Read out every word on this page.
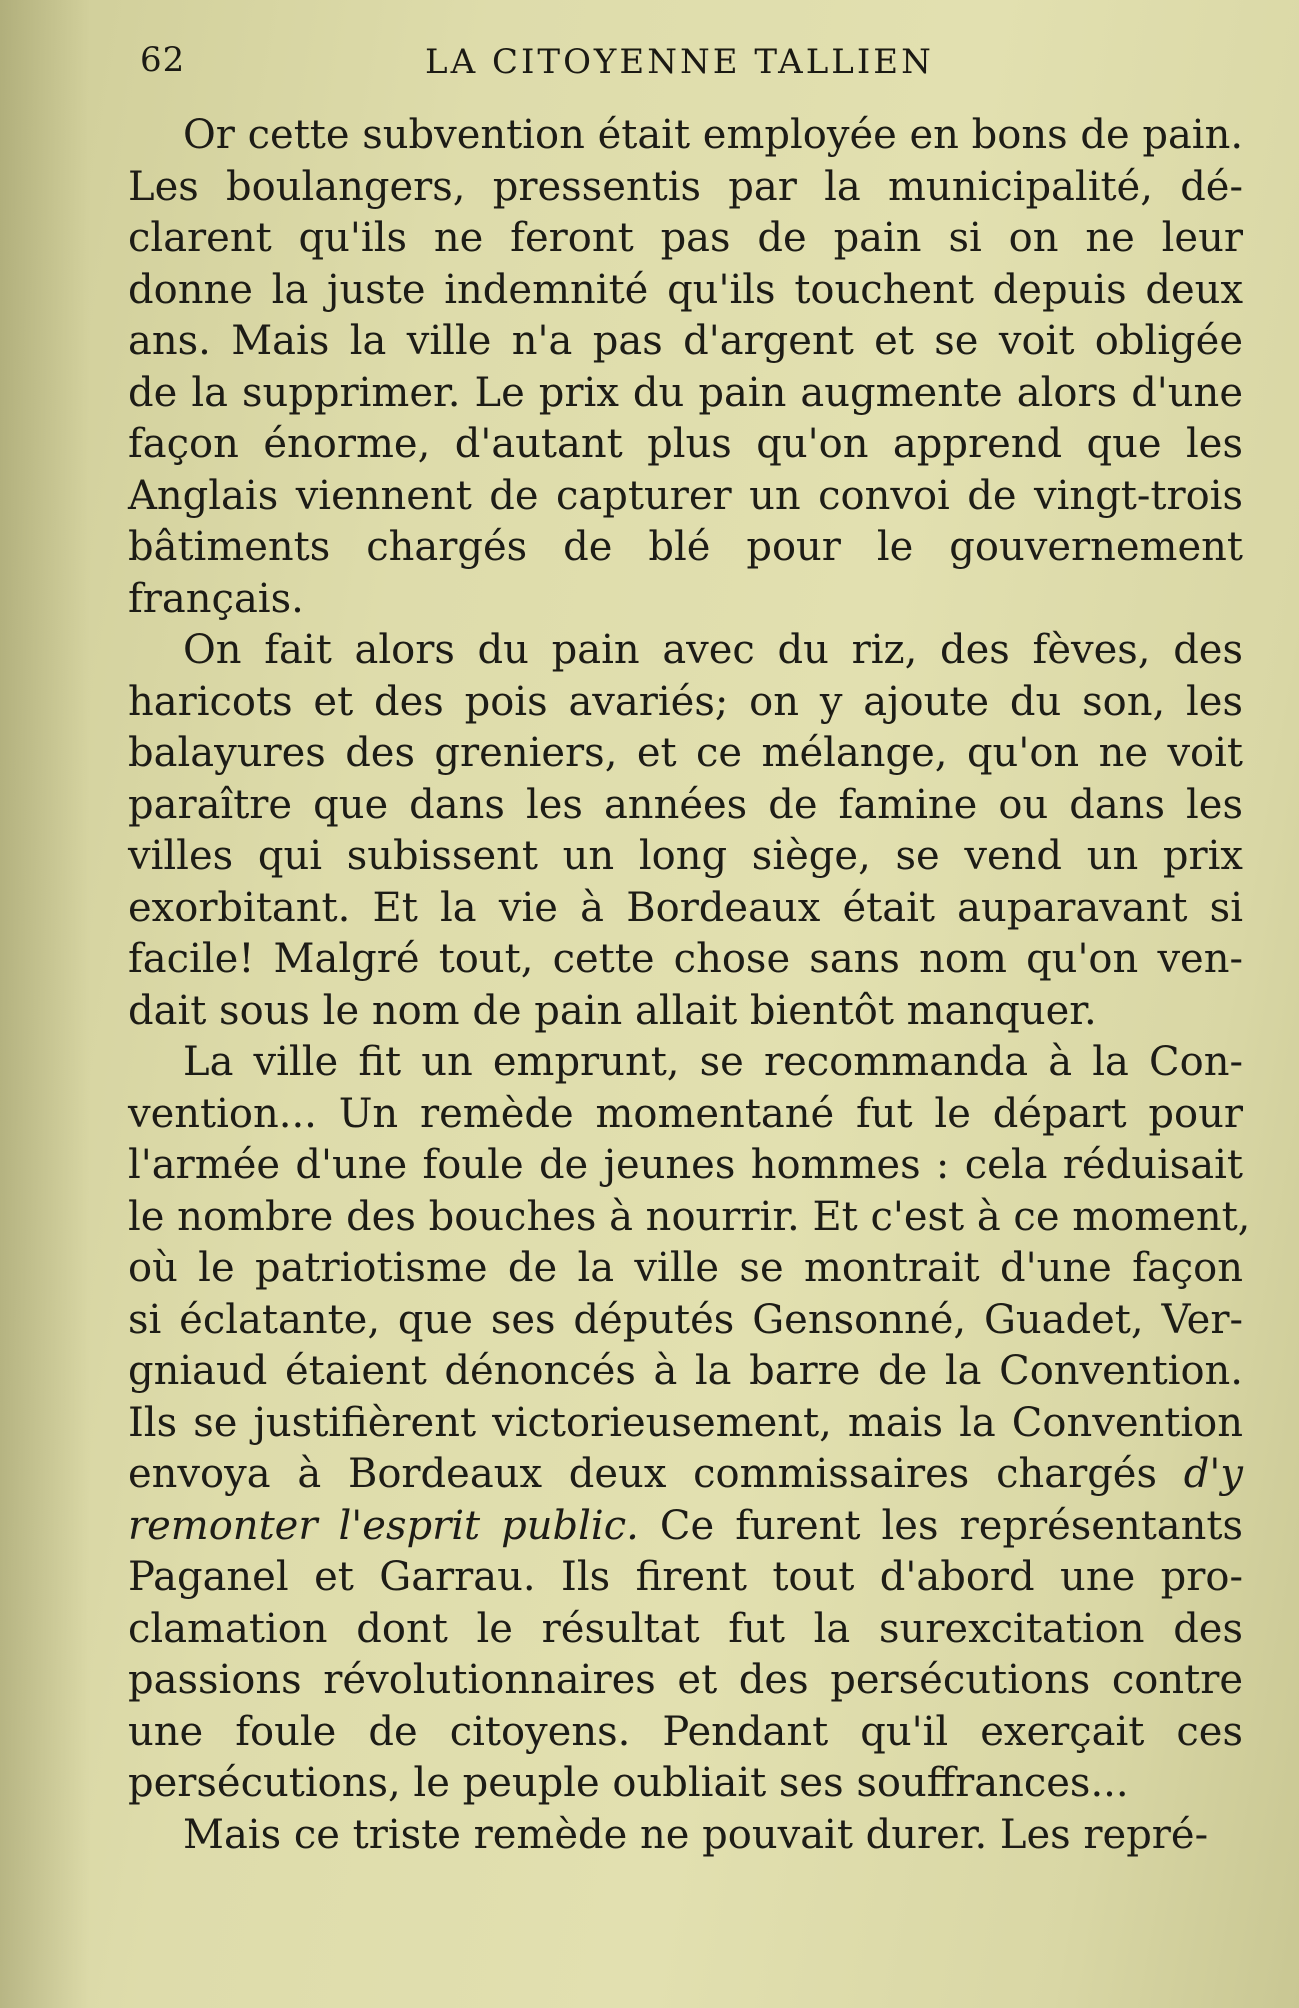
62	LA CITOYENNE TALLIEN
Or cette subvention était employée en bons de pain.
Les boulangers, pressentis par la municipalité, dé-
clarent qu'ils ne feront pas de pain si on ne leur
donne la juste indemnité qu'ils touchent depuis deux
ans. Mais la ville n'a pas d'argent et se voit obligée
de la supprimer. Le prix du pain augmente alors d'une
façon énorme, d'autant plus qu'on apprend que les
Anglais viennent de capturer un convoi de vingt-trois
bâtiments chargés de blé pour le gouvernement
français.
On fait alors du pain avec du riz, des fèves, des
haricots et des pois avariés; on y ajoute du son, les
balayures des greniers, et ce mélange, qu'on ne voit
paraître que dans les années de famine ou dans les
villes qui subissent un long siège, se vend un prix
exorbitant. Et la vie à Bordeaux était auparavant si
facile! Malgré tout, cette chose sans nom qu'on ven-
dait sous le nom de pain allait bientôt manquer.
La ville fit un emprunt, se recommanda à la Con-
vention... Un remède momentané fut le départ pour
l'armée d'une foule de jeunes hommes : cela réduisait
le nombre des bouches à nourrir. Et c'est à ce moment,
où le patriotisme de la ville se montrait d'une façon
si éclatante, que ses députés Gensonné, Guadet, Ver-
gniaud étaient dénoncés à la barre de la Convention.
Ils se justifièrent victorieusement, mais la Convention
envoya à Bordeaux deux commissaires chargés d'y
remonter l'esprit public. Ce furent les représentants
Paganel et Garrau. Ils firent tout d'abord une pro-
clamation dont le résultat fut la surexcitation des
passions révolutionnaires et des persécutions contre
une foule de citoyens. Pendant qu'il exerçait ces
persécutions, le peuple oubliait ses souffrances...
Mais ce triste remède ne pouvait durer. Les repré-
